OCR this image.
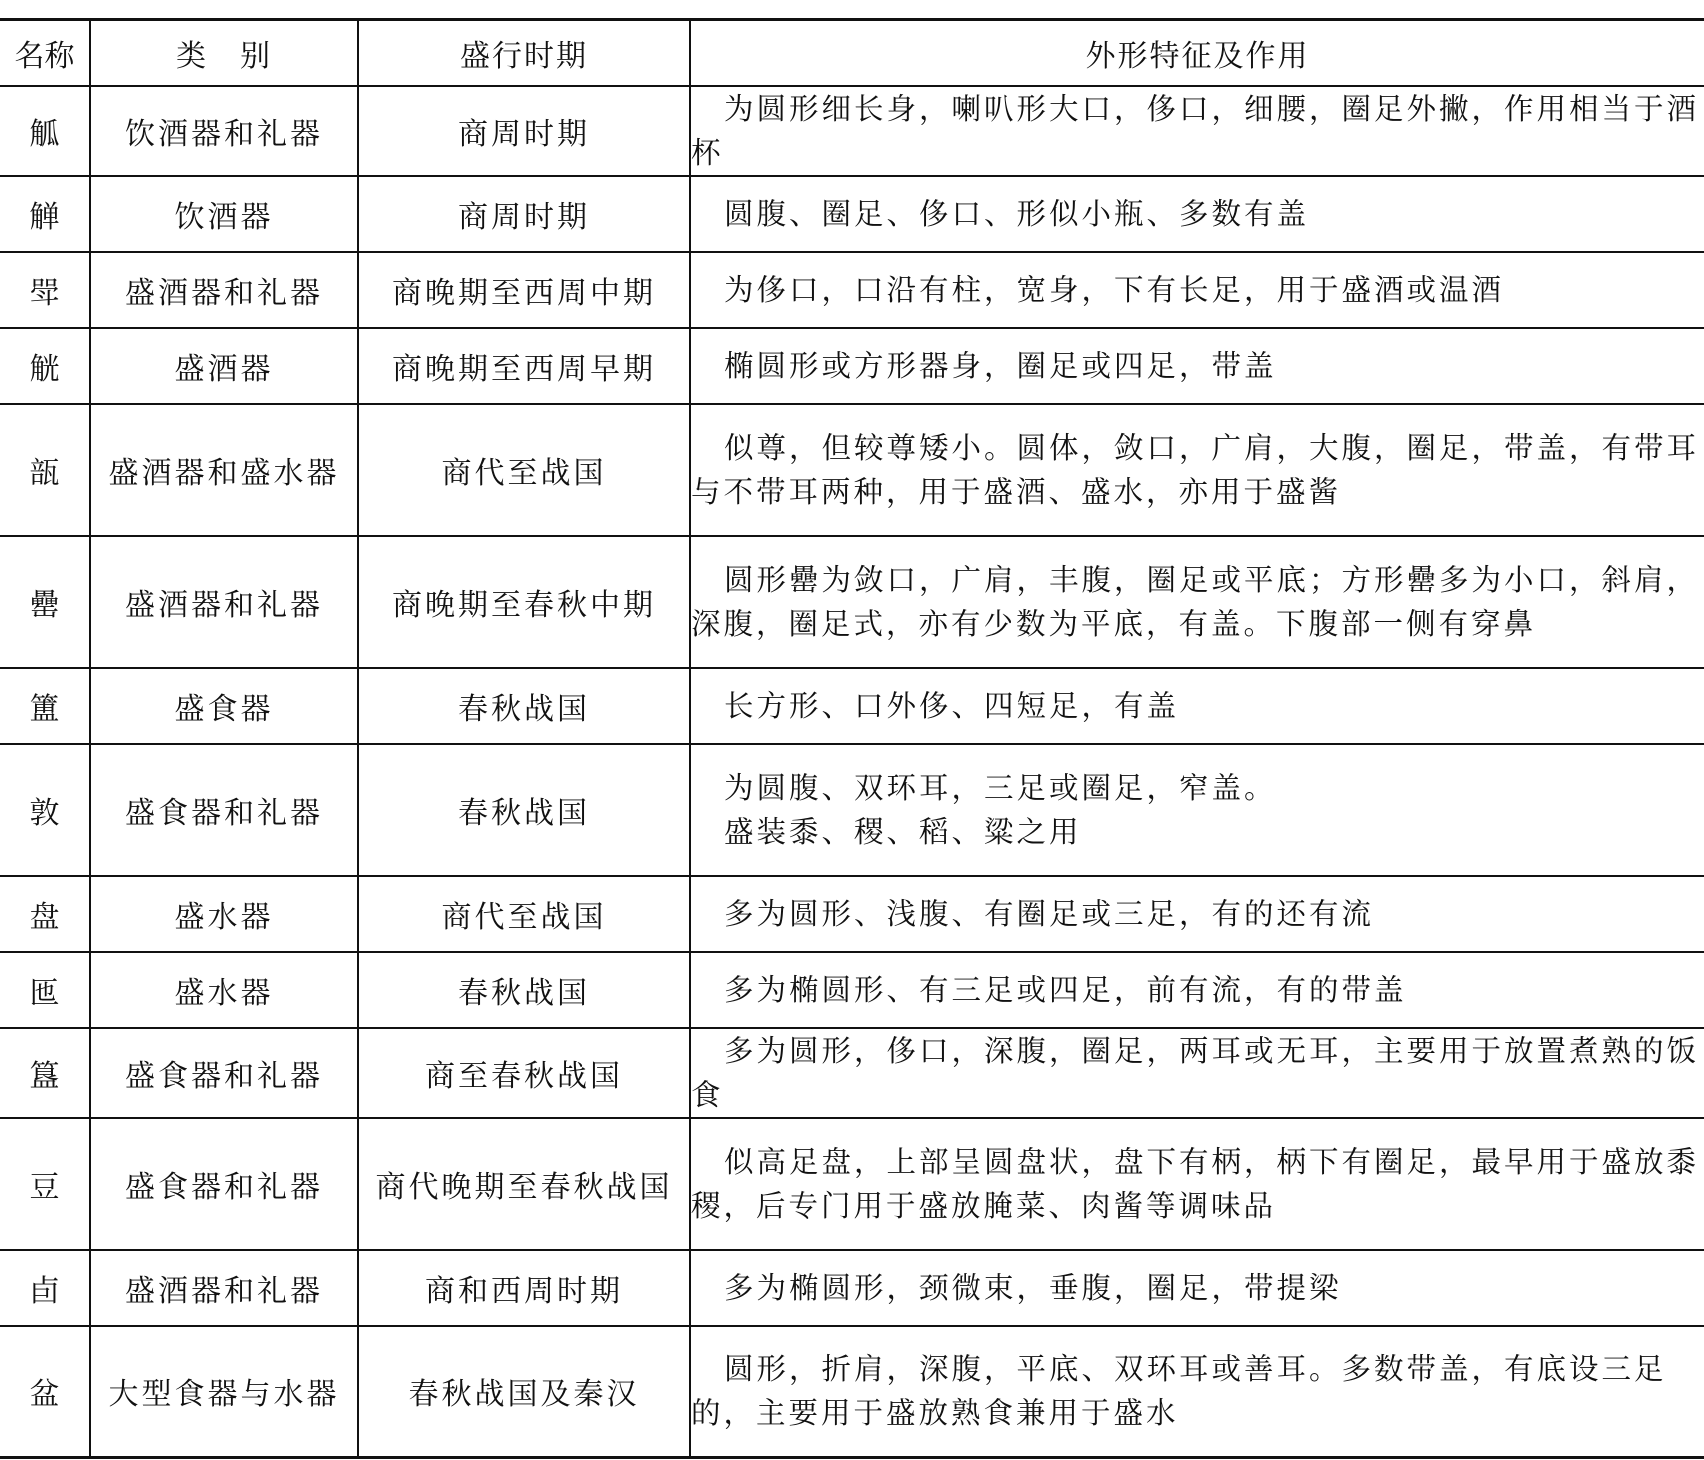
名称	类　别	盛行时期	外形特征及作用
觚	饮酒器和礼器	商周时期	为圆形细长身，喇叭形大口，侈口，细腰，圈足外撇，作用相当于酒杯

觯	饮酒器	商周时期	圆腹、圈足、侈口、形似小瓶、多数有盖

斝	盛酒器和礼器	商晚期至西周中期	为侈口，口沿有柱，宽身，下有长足，用于盛酒或温酒

觥	盛酒器	商晚期至西周早期	椭圆形或方形器身，圈足或四足，带盖

瓿	盛酒器和盛水器	商代至战国	似尊，但较尊矮小。圆体，敛口，广肩，大腹，圈足，带盖，有带耳与不带耳两种，用于盛酒、盛水，亦用于盛酱

罍	盛酒器和礼器	商晚期至春秋中期	圆形罍为敛口，广肩，丰腹，圈足或平底；方形罍多为小口，斜肩，深腹，圈足式，亦有少数为平底，有盖。下腹部一侧有穿鼻

簠	盛食器	春秋战国	长方形、口外侈、四短足，有盖

敦	盛食器和礼器	春秋战国	为圆腹、双环耳，三足或圈足，窄盖。
盛装黍、稷、稻、粱之用

盘	盛水器	商代至战国	多为圆形、浅腹、有圈足或三足，有的还有流

匜	盛水器	春秋战国	多为椭圆形、有三足或四足，前有流，有的带盖

簋	盛食器和礼器	商至春秋战国	多为圆形，侈口，深腹，圈足，两耳或无耳，主要用于放置煮熟的饭食

豆	盛食器和礼器	商代晚期至春秋战国	似高足盘，上部呈圆盘状，盘下有柄，柄下有圈足，最早用于盛放黍稷，后专门用于盛放腌菜、肉酱等调味品

卣	盛酒器和礼器	商和西周时期	多为椭圆形，颈微束，垂腹，圈足，带提梁

盆	大型食器与水器	春秋战国及秦汉	圆形，折肩，深腹，平底、双环耳或善耳。多数带盖，有底设三足的，主要用于盛放熟食兼用于盛水
